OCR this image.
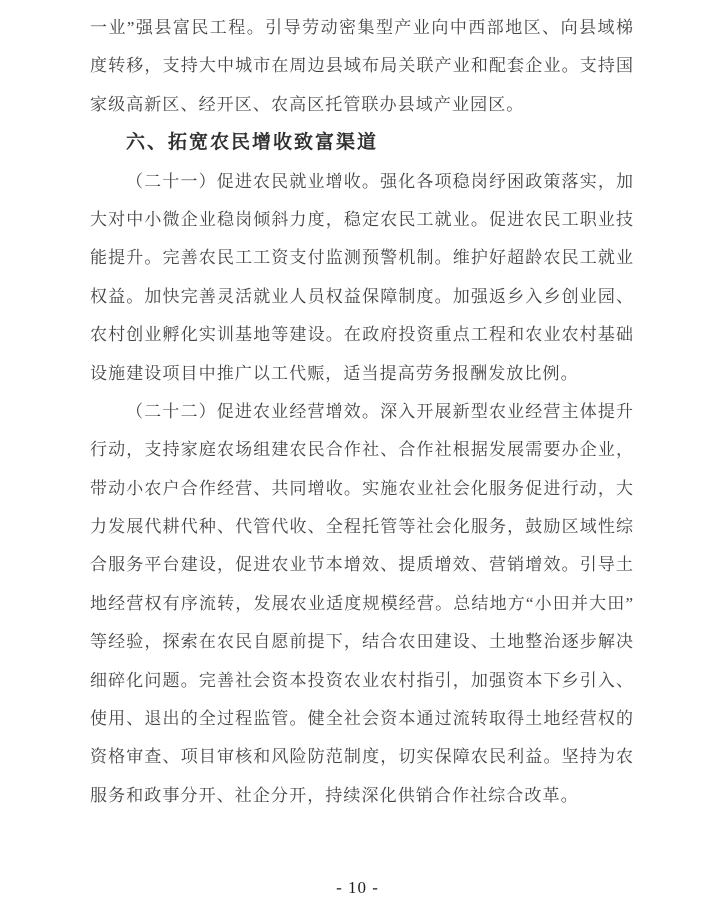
一业”强县富民工程。引导劳动密集型产业向中西部地区、向县域梯
度转移，支持大中城市在周边县域布局关联产业和配套企业。支持国
家级高新区、经开区、农高区托管联办县域产业园区。
六、拓宽农民增收致富渠道
（二十一）促进农民就业增收。强化各项稳岗纾困政策落实，加
大对中小微企业稳岗倾斜力度，稳定农民工就业。促进农民工职业技
能提升。完善农民工工资支付监测预警机制。维护好超龄农民工就业
权益。加快完善灵活就业人员权益保障制度。加强返乡入乡创业园、
农村创业孵化实训基地等建设。在政府投资重点工程和农业农村基础
设施建设项目中推广以工代赈，适当提高劳务报酬发放比例。
（二十二）促进农业经营增效。深入开展新型农业经营主体提升
行动，支持家庭农场组建农民合作社、合作社根据发展需要办企业，
带动小农户合作经营、共同增收。实施农业社会化服务促进行动，大
力发展代耕代种、代管代收、全程托管等社会化服务，鼓励区域性综
合服务平台建设，促进农业节本增效、提质增效、营销增效。引导土
地经营权有序流转，发展农业适度规模经营。总结地方“小田并大田”
等经验，探索在农民自愿前提下，结合农田建设、土地整治逐步解决
细碎化问题。完善社会资本投资农业农村指引，加强资本下乡引入、
使用、退出的全过程监管。健全社会资本通过流转取得土地经营权的
资格审查、项目审核和风险防范制度，切实保障农民利益。坚持为农
服务和政事分开、社企分开，持续深化供销合作社综合改革。
- 10 -
